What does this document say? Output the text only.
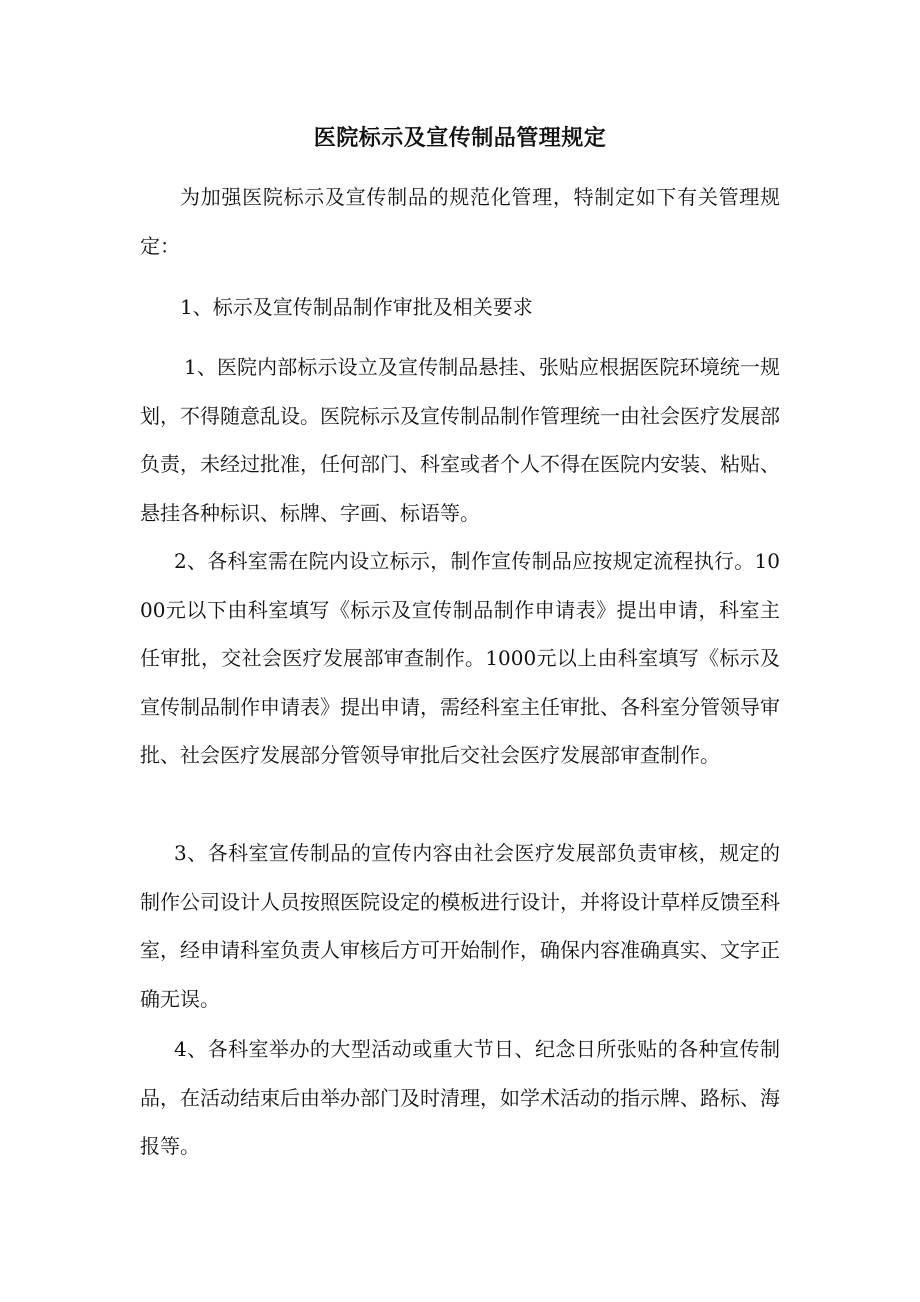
医院标示及宣传制品管理规定

为加强医院标示及宣传制品的规范化管理，特制定如下有关管理规定：

1、标示及宣传制品制作审批及相关要求

1、医院内部标示设立及宣传制品悬挂、张贴应根据医院环境统一规划，不得随意乱设。医院标示及宣传制品制作管理统一由社会医疗发展部负责，未经过批准，任何部门、科室或者个人不得在医院内安装、粘贴、悬挂各种标识、标牌、字画、标语等。

2、各科室需在院内设立标示，制作宣传制品应按规定流程执行。1000元以下由科室填写《标示及宣传制品制作申请表》提出申请，科室主任审批，交社会医疗发展部审查制作。1000元以上由科室填写《标示及宣传制品制作申请表》提出申请，需经科室主任审批、各科室分管领导审批、社会医疗发展部分管领导审批后交社会医疗发展部审查制作。

3、各科室宣传制品的宣传内容由社会医疗发展部负责审核，规定的制作公司设计人员按照医院设定的模板进行设计，并将设计草样反馈至科室，经申请科室负责人审核后方可开始制作，确保内容准确真实、文字正确无误。

4、各科室举办的大型活动或重大节日、纪念日所张贴的各种宣传制品，在活动结束后由举办部门及时清理，如学术活动的指示牌、路标、海报等。
